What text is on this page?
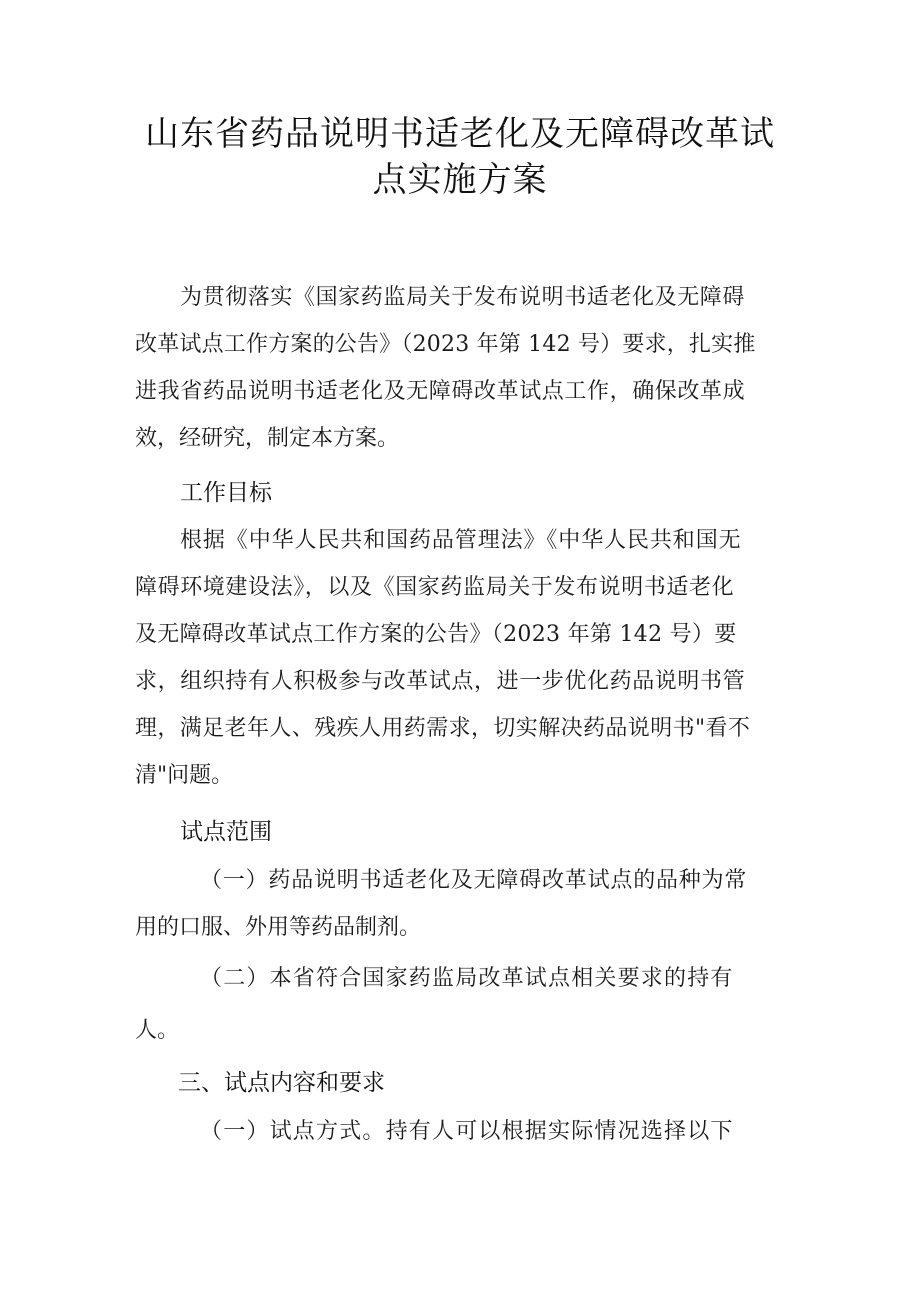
山东省药品说明书适老化及无障碍改革试
点实施方案
为贯彻落实《国家药监局关于发布说明书适老化及无障碍
改革试点工作方案的公告》（2023 年第 142 号）要求，扎实推
进我省药品说明书适老化及无障碍改革试点工作，确保改革成
效，经研究，制定本方案。
工作目标
根据《中华人民共和国药品管理法》《中华人民共和国无
障碍环境建设法》，以及《国家药监局关于发布说明书适老化
及无障碍改革试点工作方案的公告》（2023 年第 142 号）要
求，组织持有人积极参与改革试点，进一步优化药品说明书管
理，满足老年人、残疾人用药需求，切实解决药品说明书"看不
清"问题。
试点范围
（一）药品说明书适老化及无障碍改革试点的品种为常
用的口服、外用等药品制剂。
（二）本省符合国家药监局改革试点相关要求的持有
人。
三、试点内容和要求
（一）试点方式。持有人可以根据实际情况选择以下
